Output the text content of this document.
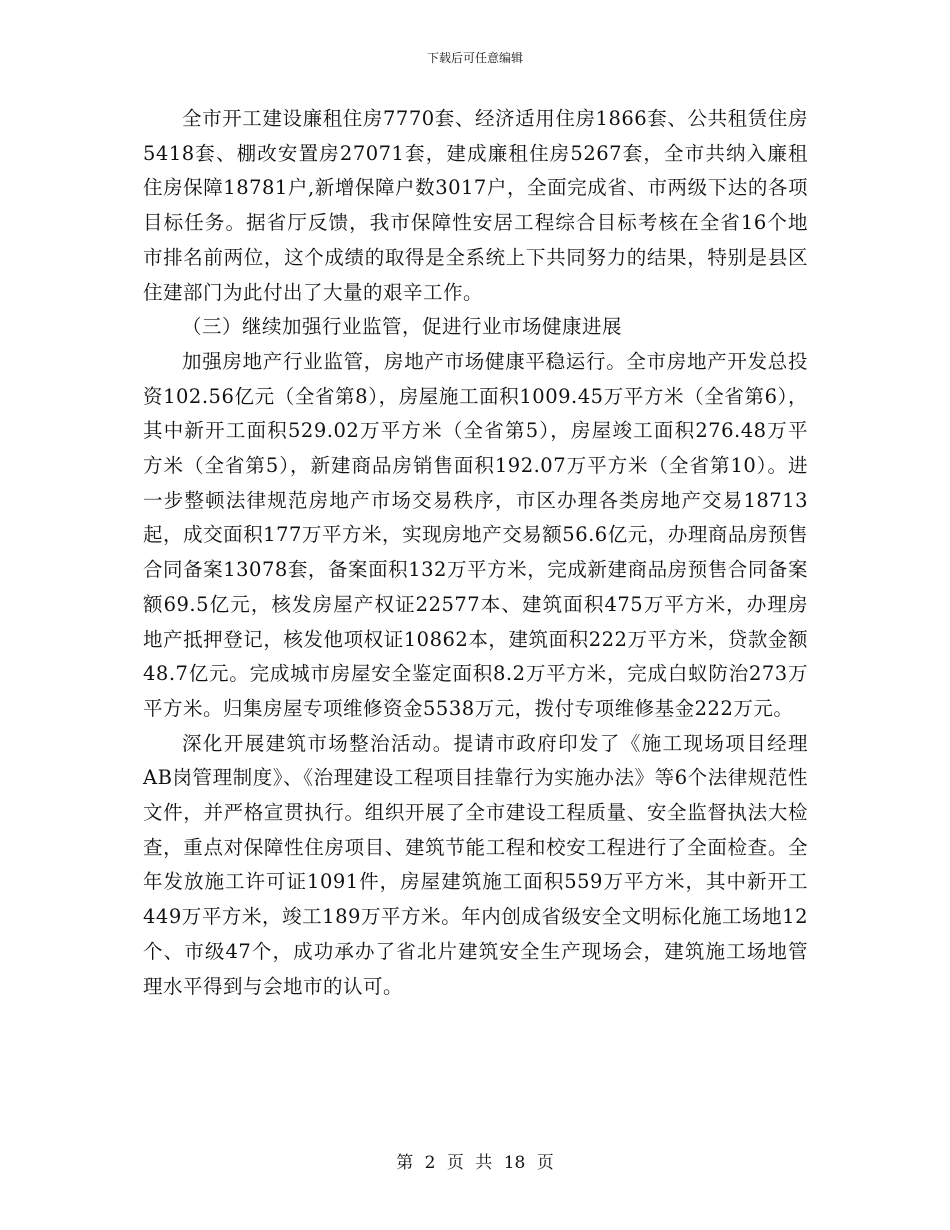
下载后可任意编辑

全市开工建设廉租住房7770套、经济适用住房1866套、公共租赁住房5418套、棚改安置房27071套，建成廉租住房5267套，全市共纳入廉租住房保障18781户,新增保障户数3017户，全面完成省、市两级下达的各项目标任务。据省厅反馈，我市保障性安居工程综合目标考核在全省16个地市排名前两位，这个成绩的取得是全系统上下共同努力的结果，特别是县区住建部门为此付出了大量的艰辛工作。

（三）继续加强行业监管，促进行业市场健康进展

加强房地产行业监管，房地产市场健康平稳运行。全市房地产开发总投资102.56亿元（全省第8），房屋施工面积1009.45万平方米（全省第6），其中新开工面积529.02万平方米（全省第5），房屋竣工面积276.48万平方米（全省第5），新建商品房销售面积192.07万平方米（全省第10）。进一步整顿法律规范房地产市场交易秩序，市区办理各类房地产交易18713起，成交面积177万平方米，实现房地产交易额56.6亿元，办理商品房预售合同备案13078套，备案面积132万平方米，完成新建商品房预售合同备案额69.5亿元，核发房屋产权证22577本、建筑面积475万平方米，办理房地产抵押登记，核发他项权证10862本，建筑面积222万平方米，贷款金额48.7亿元。完成城市房屋安全鉴定面积8.2万平方米，完成白蚁防治273万平方米。归集房屋专项维修资金5538万元，拨付专项维修基金222万元。

深化开展建筑市场整治活动。提请市政府印发了《施工现场项目经理AB岗管理制度》、《治理建设工程项目挂靠行为实施办法》等6个法律规范性文件，并严格宣贯执行。组织开展了全市建设工程质量、安全监督执法大检查，重点对保障性住房项目、建筑节能工程和校安工程进行了全面检查。全年发放施工许可证1091件，房屋建筑施工面积559万平方米，其中新开工449万平方米，竣工189万平方米。年内创成省级安全文明标化施工场地12个、市级47个，成功承办了省北片建筑安全生产现场会，建筑施工场地管理水平得到与会地市的认可。

第 2 页 共 18 页
